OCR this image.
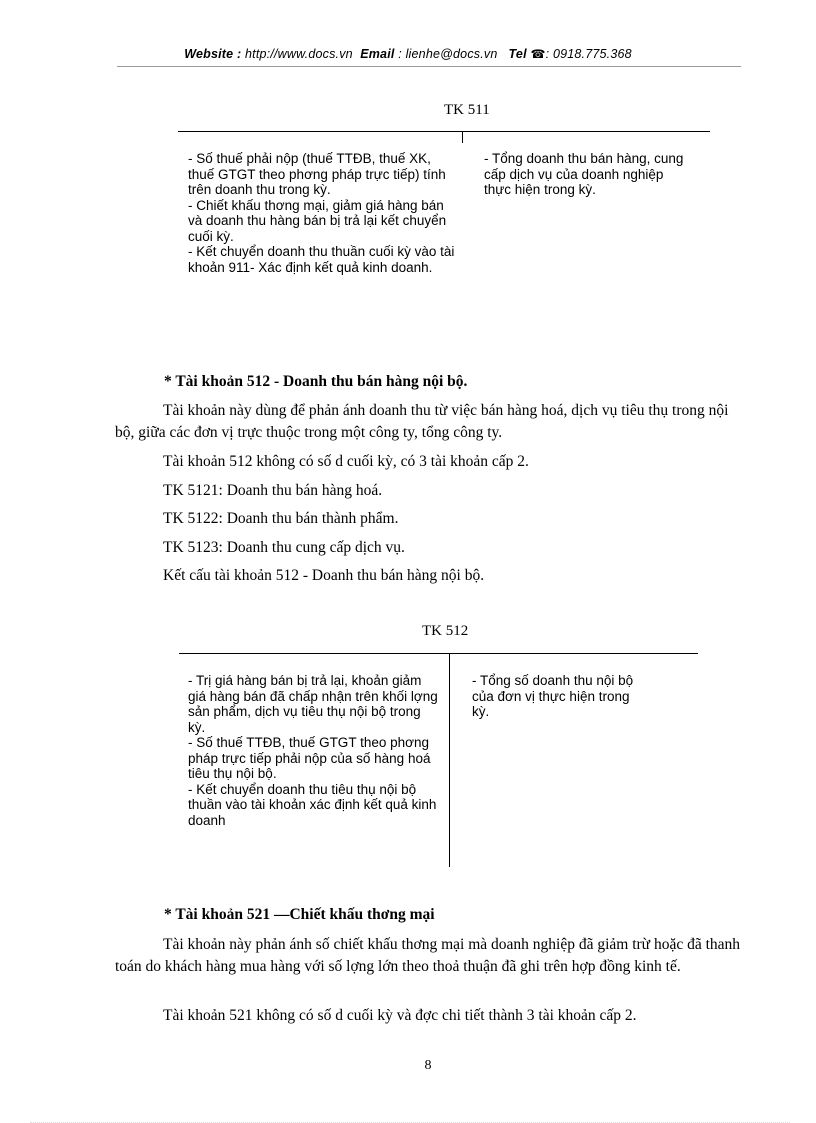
Website : http://www.docs.vn Email : lienhe@docs.vn Tel ☎: 0918.775.368
TK 511

- Số thuế phải nộp (thuế TTĐB, thuế XK, thuế GTGT theo phơng pháp trực tiếp) tính trên doanh thu trong kỳ.

- Chiết khấu thơng mại, giảm giá hàng bán và doanh thu hàng bán bị trả lại kết chuyển cuối kỳ.

- Kết chuyển doanh thu thuần cuối kỳ vào tài khoản 911- Xác định kết quả kinh doanh.

- Tổng doanh thu bán hàng, cung cấp dịch vụ của doanh nghiệp thực hiện trong kỳ.

* Tài khoản 512 - Doanh thu bán hàng nội bộ.
Tài khoản này dùng để phản ánh doanh thu từ việc bán hàng hoá, dịch vụ tiêu thụ trong nội bộ, giữa các đơn vị trực thuộc trong một công ty, tổng công ty.
Tài khoản 512 không có số d cuối kỳ, có 3 tài khoản cấp 2.
TK 5121: Doanh thu bán hàng hoá.
TK 5122: Doanh thu bán thành phẩm.
TK 5123: Doanh thu cung cấp dịch vụ.
Kết cấu tài khoản 512 - Doanh thu bán hàng nội bộ.
TK 512

- Trị giá hàng bán bị trả lại, khoản giảm giá hàng bán đã chấp nhận trên khối lợng sản phẩm, dịch vụ tiêu thụ nội bộ trong kỳ.

- Số thuế TTĐB, thuế GTGT theo phơng pháp trực tiếp phải nộp của số hàng hoá tiêu thụ nội bộ.

- Kết chuyển doanh thu tiêu thụ nội bộ thuần vào tài khoản xác định kết quả kinh doanh

- Tổng số doanh thu nội bộ của đơn vị thực hiện trong kỳ.

* Tài khoản 521 —Chiết khấu thơng mại
Tài khoản này phản ánh số chiết khấu thơng mại mà doanh nghiệp đã giảm trừ hoặc đã thanh toán do khách hàng mua hàng với số lợng lớn theo thoả thuận đã ghi trên hợp đồng kinh tế.
Tài khoản 521 không có số d cuối kỳ và đợc chi tiết thành 3 tài khoản cấp 2.
8
